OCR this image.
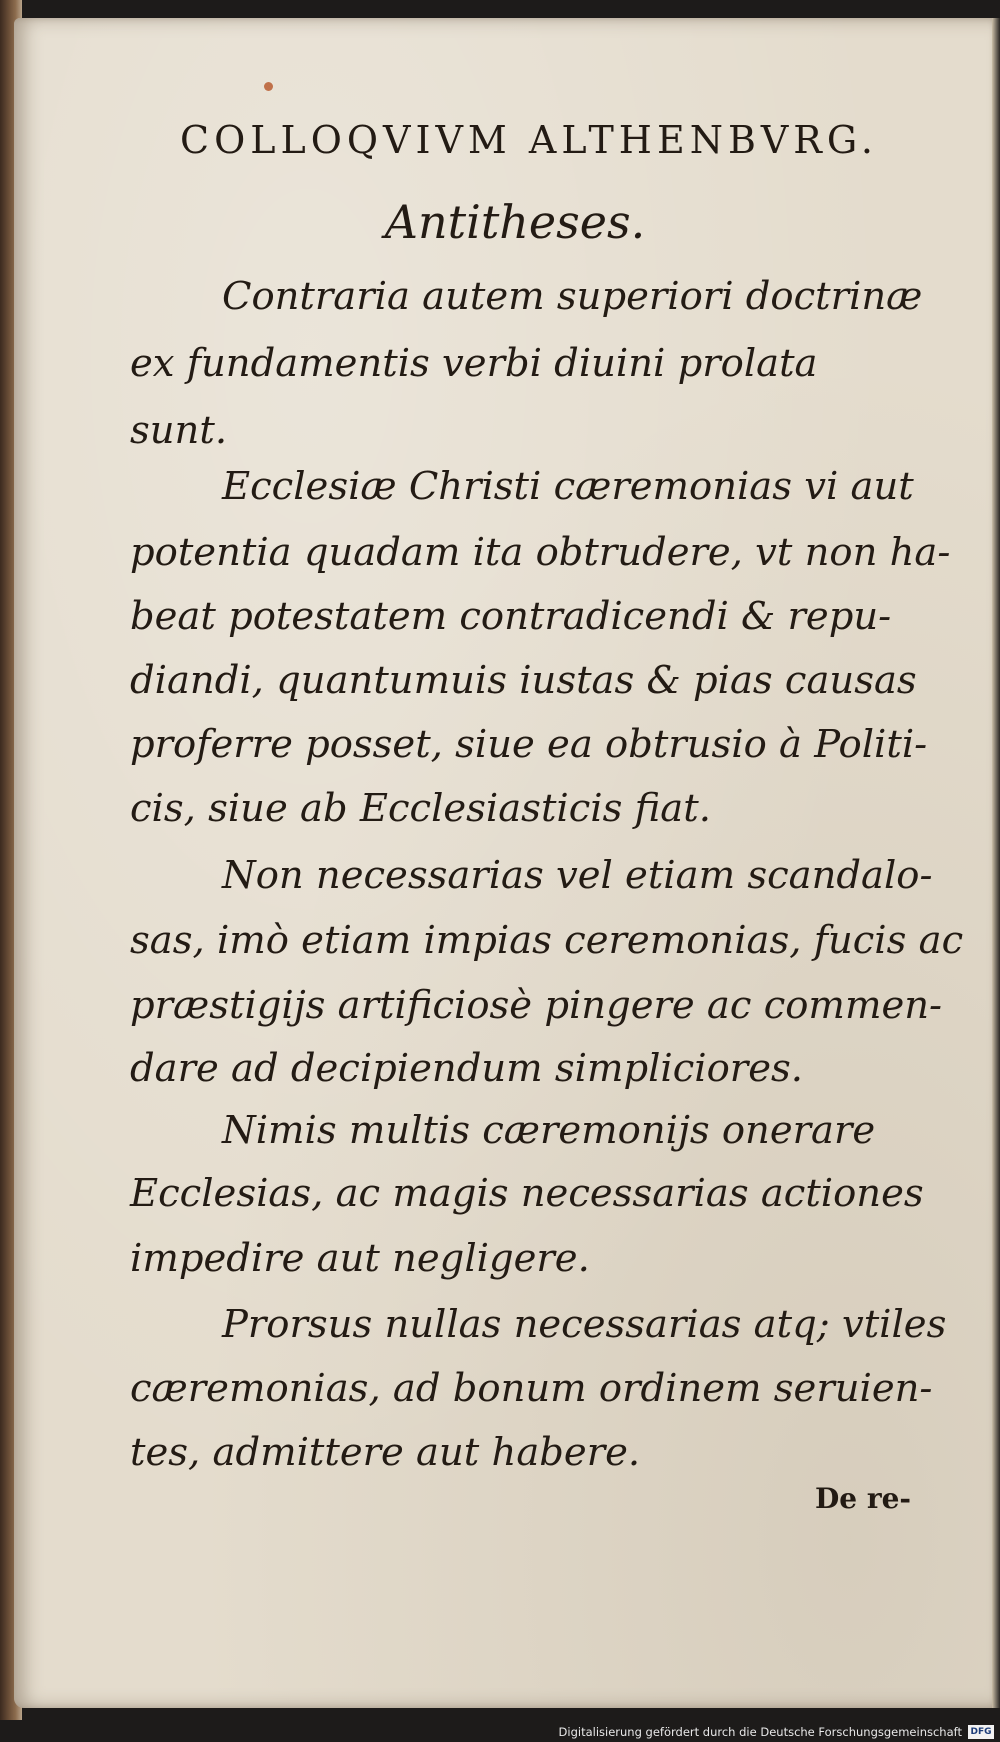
COLLOQVIVM ALTHENBVRG.
Antitheses.
Contraria autem superiori doctrinæ
ex fundamentis verbi diuini prolata
sunt.
Ecclesiæ Christi cæremonias vi aut
potentia quadam ita obtrudere, vt non ha-
beat potestatem contradicendi & repu-
diandi, quantumuis iustas & pias causas
proferre posset, siue ea obtrusio à Politi-
cis, siue ab Ecclesiasticis fiat.
Non necessarias vel etiam scandalo-
sas, imò etiam impias ceremonias, fucis ac
præstigijs artificiosè pingere ac commen-
dare ad decipiendum simpliciores.
Nimis multis cæremonijs onerare
Ecclesias, ac magis necessarias actiones
impedire aut negligere.
Prorsus nullas necessarias atq; vtiles
cæremonias, ad bonum ordinem seruien-
tes, admittere aut habere.
De re-
Digitalisierung gefördert durch die Deutsche Forschungsgemeinschaft DFG
